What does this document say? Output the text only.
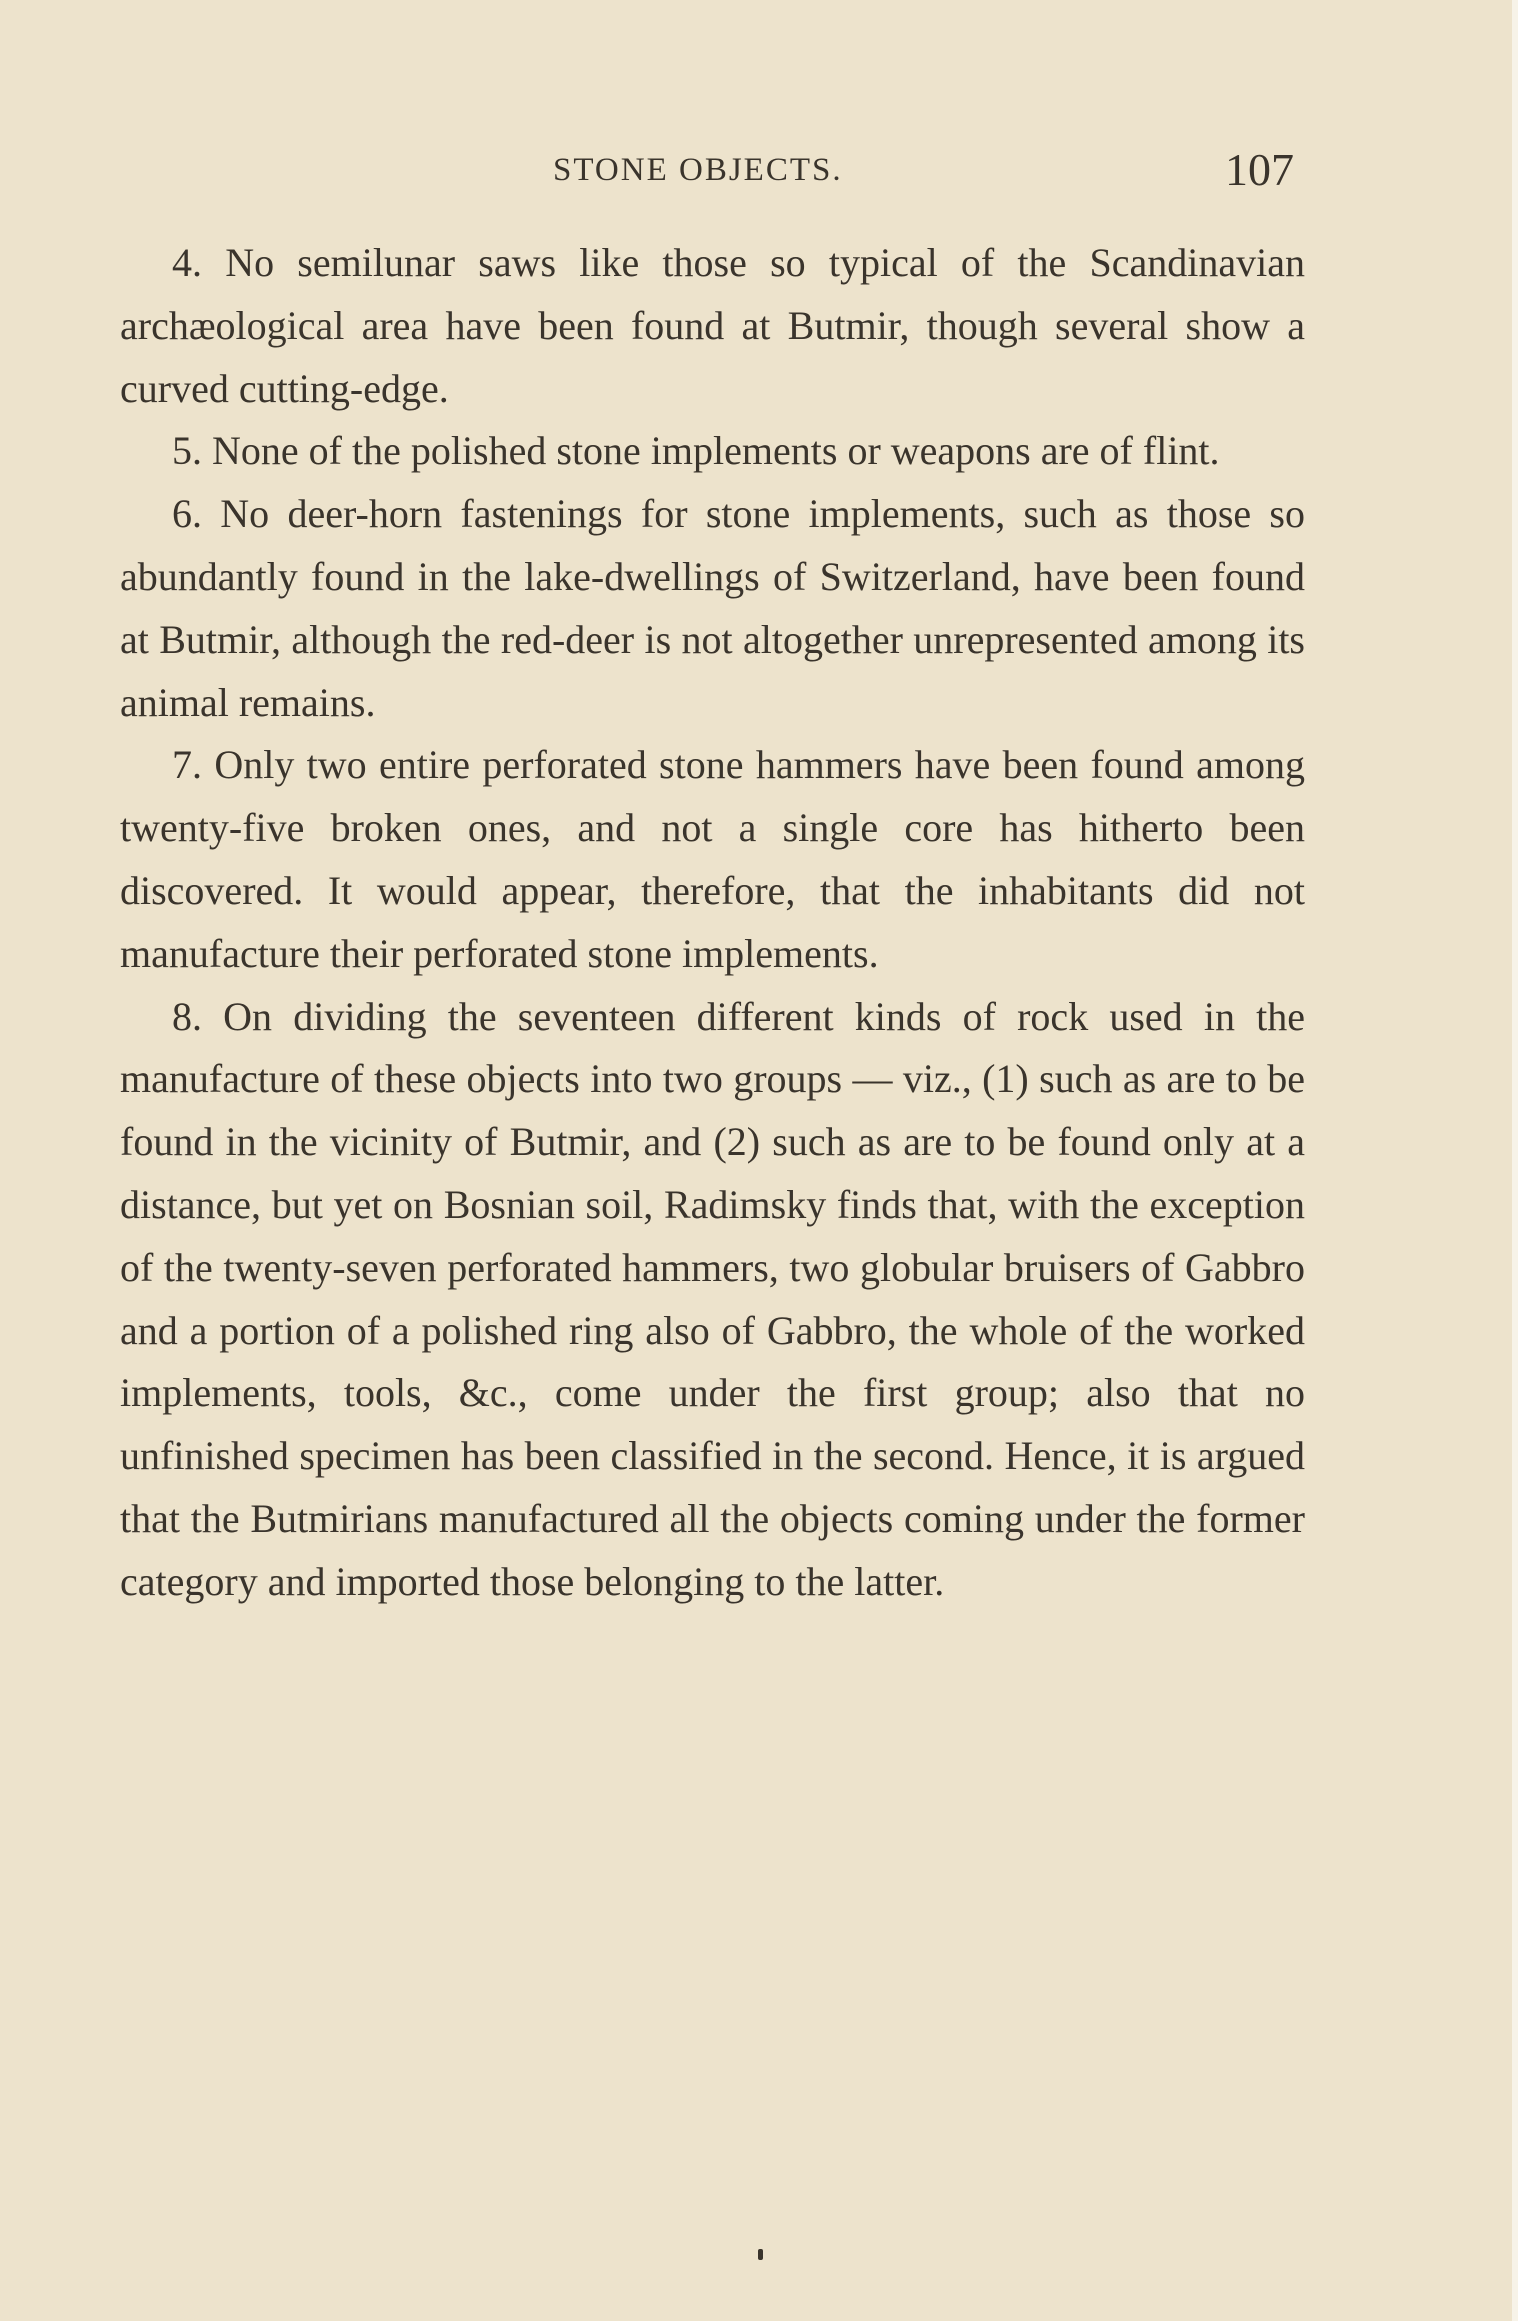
STONE OBJECTS.	107

4. No semilunar saws like those so typical of the Scandinavian archæological area have been found at Butmir, though several show a curved cutting-edge.

5. None of the polished stone implements or weapons are of flint.

6. No deer-horn fastenings for stone implements, such as those so abundantly found in the lake-dwellings of Switzerland, have been found at Butmir, although the red-deer is not altogether unrepresented among its animal remains.

7. Only two entire perforated stone hammers have been found among twenty-five broken ones, and not a single core has hitherto been discovered. It would appear, therefore, that the inhabitants did not manufacture their perforated stone implements.

8. On dividing the seventeen different kinds of rock used in the manufacture of these objects into two groups — viz., (1) such as are to be found in the vicinity of Butmir, and (2) such as are to be found only at a distance, but yet on Bosnian soil, Radimsky finds that, with the exception of the twenty-seven perforated hammers, two globular bruisers of Gabbro and a portion of a polished ring also of Gabbro, the whole of the worked implements, tools, &c., come under the first group; also that no unfinished specimen has been classified in the second. Hence, it is argued that the Butmirians manufactured all the objects coming under the former category and imported those belonging to the latter.
